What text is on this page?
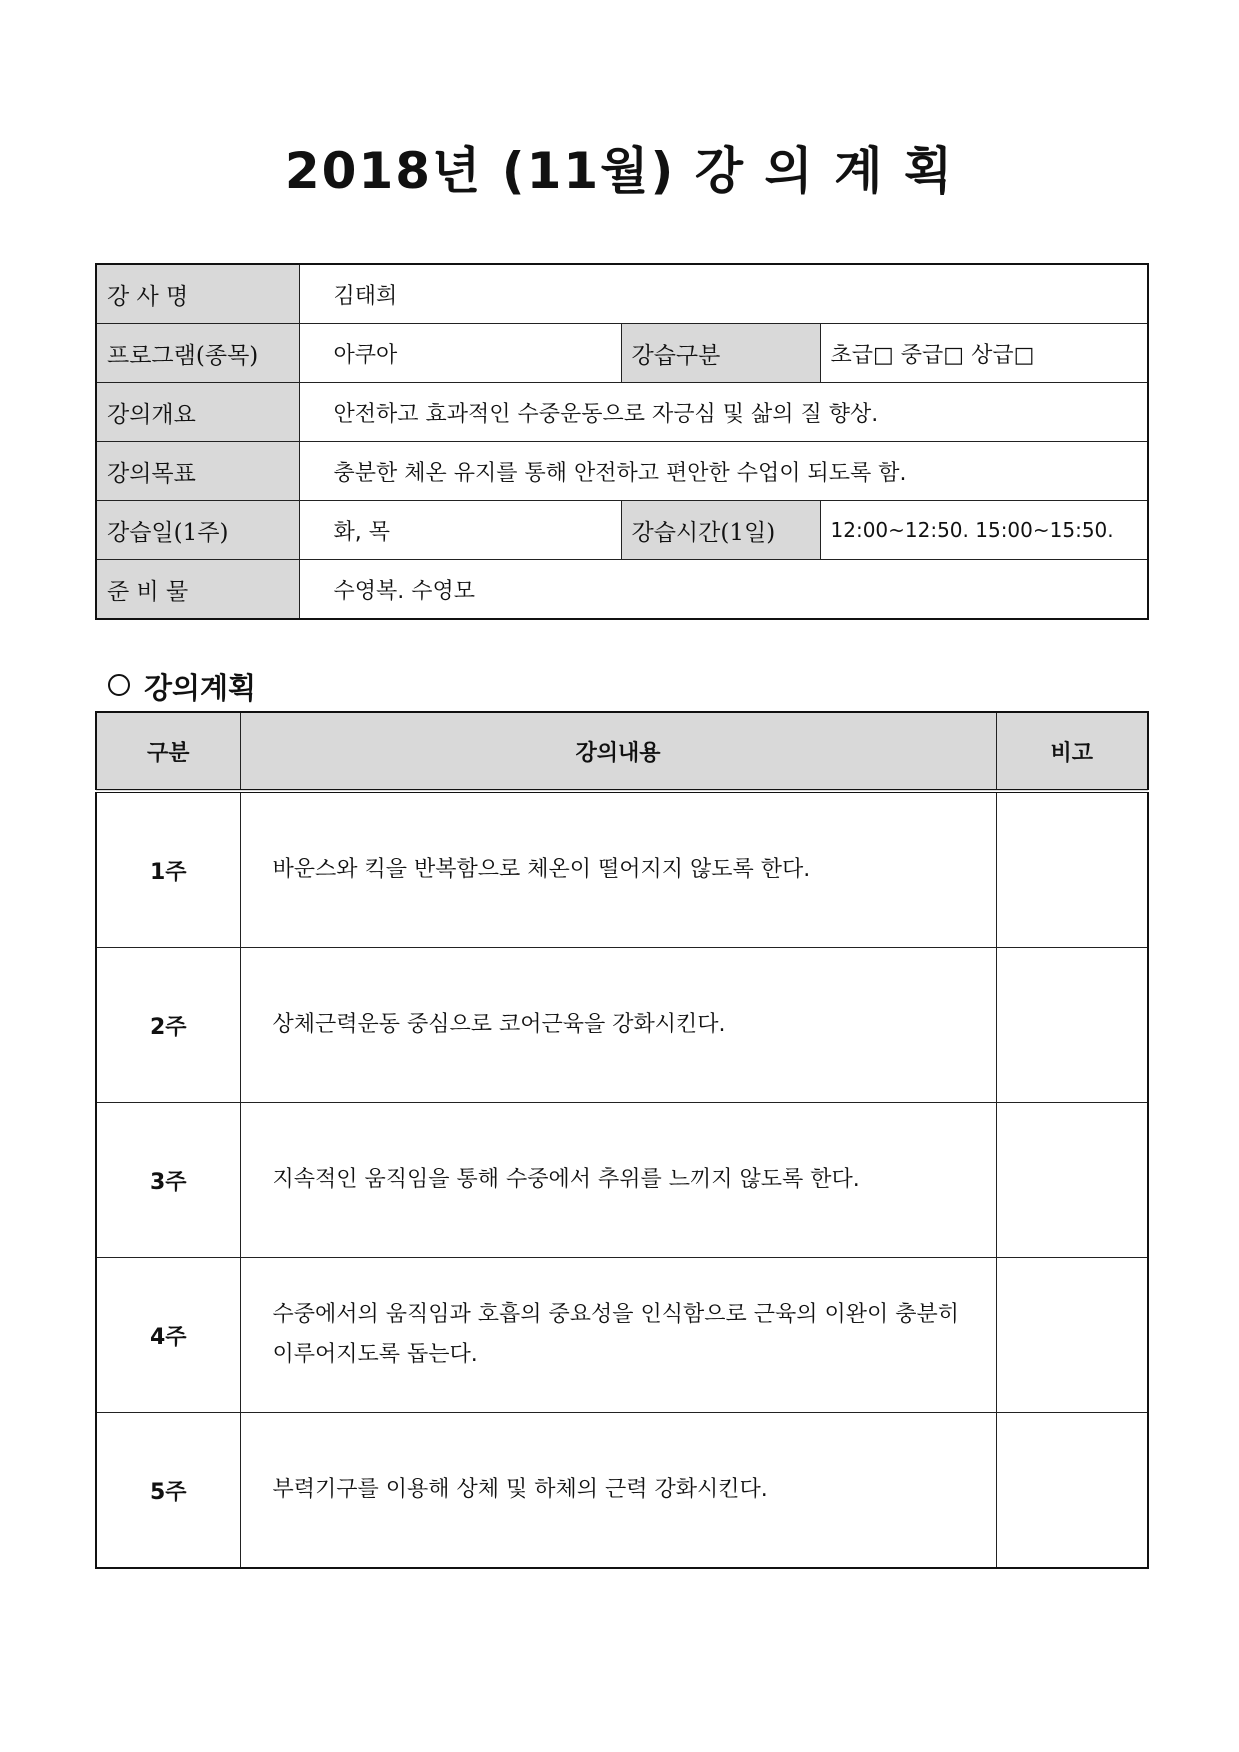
2018년 (11월) 강 의 계 획
강 사 명	김태희		
프로그램(종목)	아쿠아	강습구분	초급□ 중급□ 상급□
강의개요	안전하고 효과적인 수중운동으로 자긍심 및 삶의 질 향상.		
강의목표	충분한 체온 유지를 통해 안전하고 편안한 수업이 되도록 함.		
강습일(1주)	화, 목	강습시간(1일)	12:00~12:50. 15:00~15:50.
준 비 물	수영복. 수영모		
강의계획
구분	강의내용	비고
1주	바운스와 킥을 반복함으로 체온이 떨어지지 않도록 한다.	
2주	상체근력운동 중심으로 코어근육을 강화시킨다.	
3주	지속적인 움직임을 통해 수중에서 추위를 느끼지 않도록 한다.	
4주	수중에서의 움직임과 호흡의 중요성을 인식함으로 근육의 이완이 충분히 이루어지도록 돕는다.	
5주	부력기구를 이용해 상체 및 하체의 근력 강화시킨다.	
